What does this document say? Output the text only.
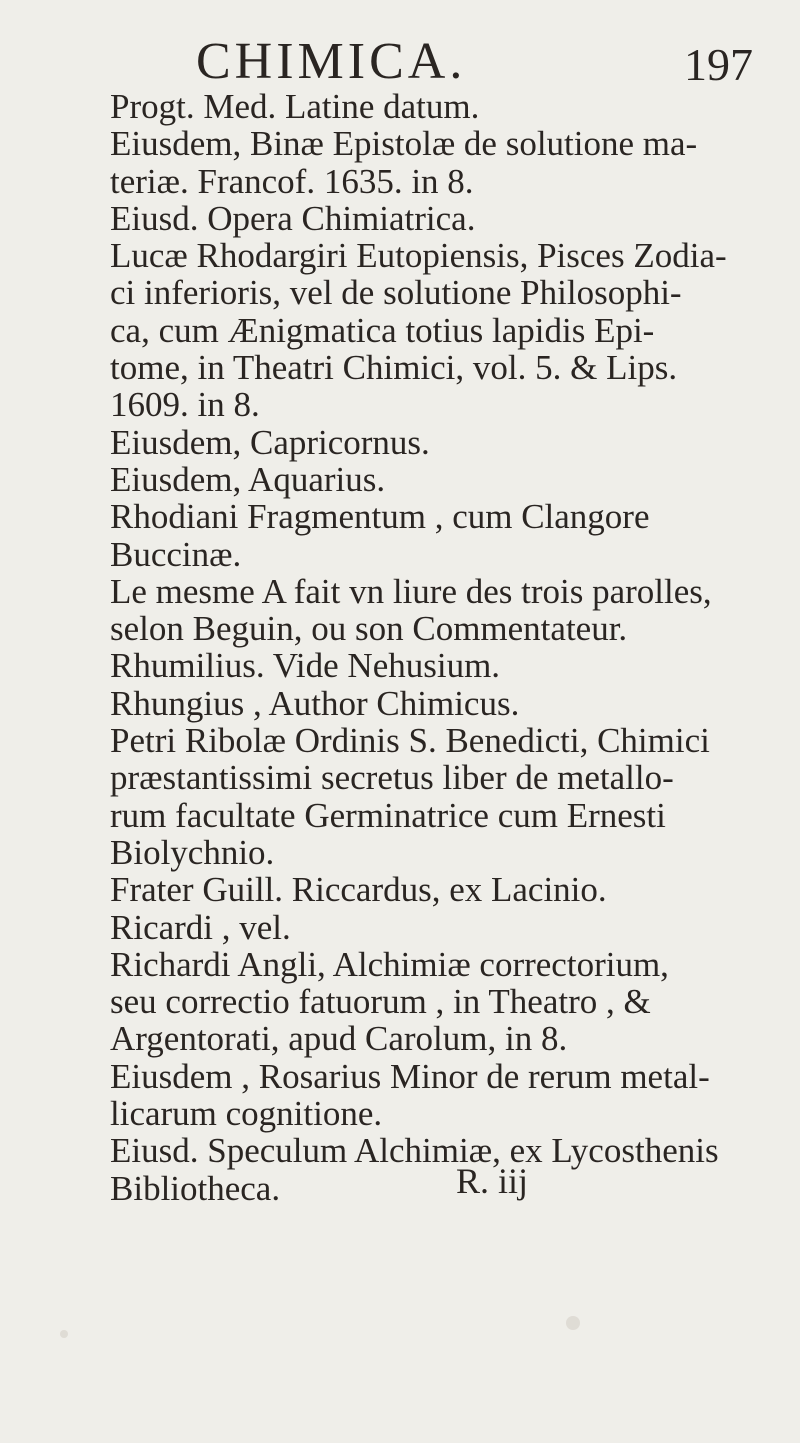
CHIMICA.	197

Progt. Med. Latine datum.

Eiusdem, Binæ Epistolæ de solutione ma-
teriæ. Francof. 1635. in 8.

Eiusd. Opera Chimiatrica.

Lucæ Rhodargiri Eutopiensis, Pisces Zodia-
ci inferioris, vel de solutione Philosophi-
ca, cum Ænigmatica totius lapidis Epi-
tome, in Theatri Chimici, vol. 5. & Lips.
1609. in 8.

Eiusdem, Capricornus.

Eiusdem, Aquarius.

Rhodiani Fragmentum , cum Clangore
Buccinæ.

Le mesme A fait vn liure des trois parolles,
selon Beguin, ou son Commentateur.

Rhumilius. Vide Nehusium.

Rhungius , Author Chimicus.

Petri Ribolæ Ordinis S. Benedicti, Chimici
præstantissimi secretus liber de metallo-
rum facultate Germinatrice cum Ernesti
Biolychnio.

Frater Guill. Riccardus, ex Lacinio.

Ricardi , vel.

Richardi Angli, Alchimiæ correctorium,
seu correctio fatuorum , in Theatro , &
Argentorati, apud Carolum, in 8.

Eiusdem , Rosarius Minor de rerum metal-
licarum cognitione.

Eiusd. Speculum Alchimiæ, ex Lycosthenis
Bibliotheca.	R. iij
